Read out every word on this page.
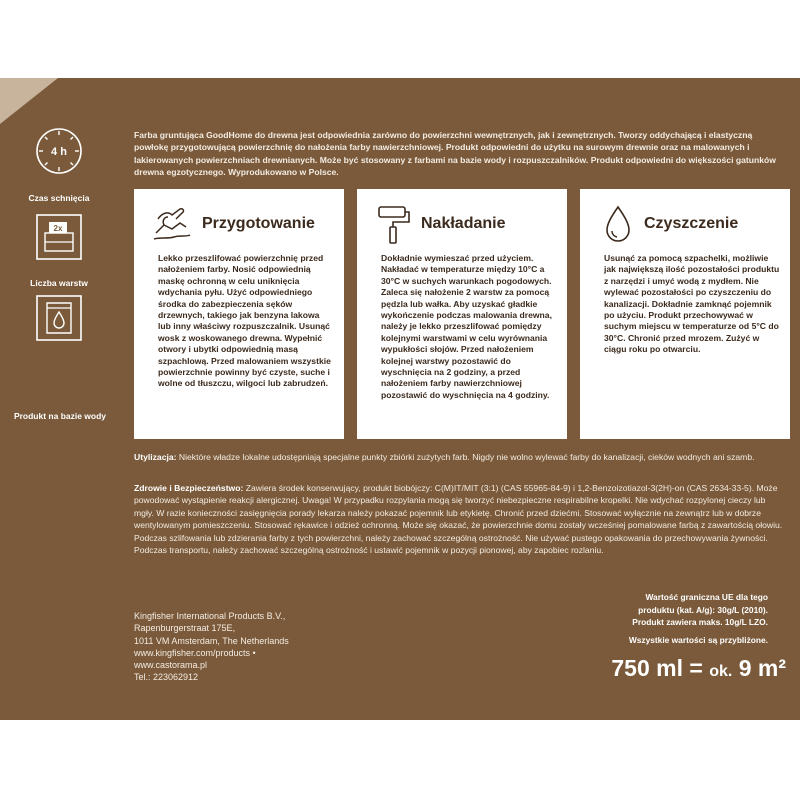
4 h
Czas schnięcia
2x
Liczba warstw
Produkt na bazie wody
Farba gruntująca GoodHome do drewna jest odpowiednia zarówno do powierzchni wewnętrznych, jak i zewnętrznych. Tworzy oddychającą i elastyczną powłokę przygotowującą powierzchnię do nałożenia farby nawierzchniowej. Produkt odpowiedni do użytku na surowym drewnie oraz na malowanych i lakierowanych powierzchniach drewnianych. Może być stosowany z farbami na bazie wody i rozpuszczalników. Produkt odpowiedni do większości gatunków drewna egzotycznego. Wyprodukowano w Polsce.
Przygotowanie
Lekko przeszlifować powierzchnię przed nałożeniem farby. Nosić odpowiednią maskę ochronną w celu uniknięcia wdychania pyłu. Użyć odpowiedniego środka do zabezpieczenia sęków drzewnych, takiego jak benzyna lakowa lub inny właściwy rozpuszczalnik. Usunąć wosk z woskowanego drewna. Wypełnić otwory i ubytki odpowiednią masą szpachlową. Przed malowaniem wszystkie powierzchnie powinny być czyste, suche i wolne od tłuszczu, wilgoci lub zabrudzeń.
Nakładanie
Dokładnie wymieszać przed użyciem. Nakładać w temperaturze między 10°C a 30°C w suchych warunkach pogodowych. Zaleca się nałożenie 2 warstw za pomocą pędzla lub wałka. Aby uzyskać gładkie wykończenie podczas malowania drewna, należy je lekko przeszlifować pomiędzy kolejnymi warstwami w celu wyrównania wypukłości słojów. Przed nałożeniem kolejnej warstwy pozostawić do wyschnięcia na 2 godziny, a przed nałożeniem farby nawierzchniowej pozostawić do wyschnięcia na 4 godziny.
Czyszczenie
Usunąć za pomocą szpachelki, możliwie jak największą ilość pozostałości produktu z narzędzi i umyć wodą z mydłem. Nie wylewać pozostałości po czyszczeniu do kanalizacji. Dokładnie zamknąć pojemnik po użyciu. Produkt przechowywać w suchym miejscu w temperaturze od 5°C do 30°C. Chronić przed mrozem. Zużyć w ciągu roku po otwarciu.
Utylizacja: Niektóre władze lokalne udostępniają specjalne punkty zbiórki zużytych farb. Nigdy nie wolno wylewać farby do kanalizacji, cieków wodnych ani szamb.
Zdrowie i Bezpieczeństwo: Zawiera środek konserwujący, produkt biobójczy: C(M)IT/MIT (3:1) (CAS 55965-84-9) i 1,2-Benzoizotiazol-3(2H)-on (CAS 2634-33-5). Może powodować wystąpienie reakcji alergicznej. Uwaga! W przypadku rozpylania mogą się tworzyć niebezpieczne respirabilne kropelki. Nie wdychać rozpylonej cieczy lub mgły. W razie konieczności zasięgnięcia porady lekarza należy pokazać pojemnik lub etykietę. Chronić przed dziećmi. Stosować wyłącznie na zewnątrz lub w dobrze wentylowanym pomieszczeniu. Stosować rękawice i odzież ochronną. Może się okazać, że powierzchnie domu zostały wcześniej pomalowane farbą z zawartością ołowiu. Podczas szlifowania lub zdzierania farby z tych powierzchni, należy zachować szczególną ostrożność. Nie używać pustego opakowania do przechowywania żywności. Podczas transportu, należy zachować szczególną ostrożność i ustawić pojemnik w pozycji pionowej, aby zapobiec rozlaniu.
Kingfisher International Products B.V.,
Rapenburgerstraat 175E,
1011 VM Amsterdam, The Netherlands
www.kingfisher.com/products •
www.castorama.pl
Tel.: 223062912
Wartość graniczna UE dla tego
produktu (kat. A/g): 30g/L (2010).
Produkt zawiera maks. 10g/L LZO.
Wszystkie wartości są przybliżone.
750 ml = ok. 9 m²
